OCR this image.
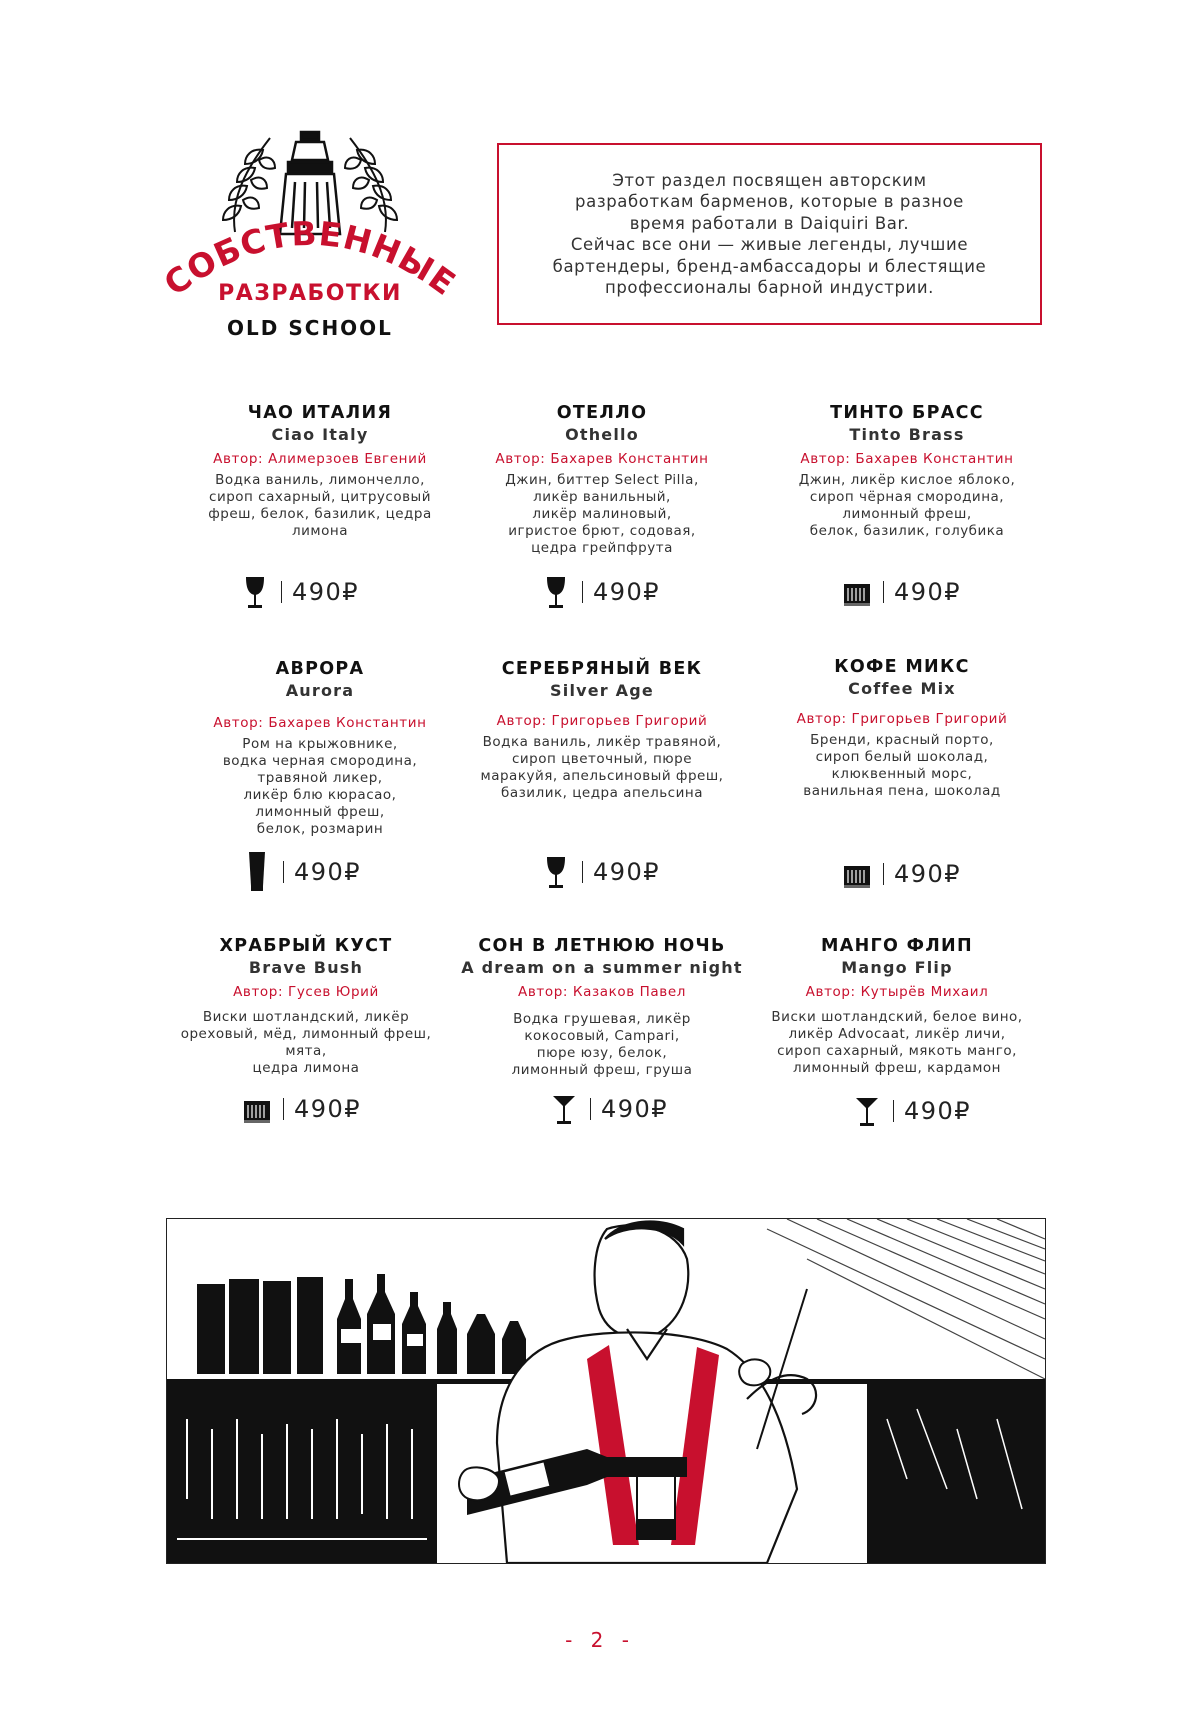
СОБСТВЕННЫЕ
РАЗРАБОТКИ
OLD SCHOOL
Этот раздел посвящен авторским
разработкам барменов, которые в разное
время работали в Daiquiri Bar.
Сейчас все они — живые легенды, лучшие
бартендеры, бренд-амбассадоры и блестящие
профессионалы барной индустрии.
ЧАО ИТАЛИЯ
Ciao Italy
Автор: Алимерзоев Евгений
Водка ваниль, лимончелло,
сироп сахарный, цитрусовый
фреш, белок, базилик, цедра
лимона
490₽
ОТЕЛЛО
Othello
Автор: Бахарев Константин
Джин, биттер Select Pilla,
ликёр ванильный,
ликёр малиновый,
игристое брют, содовая,
цедра грейпфрута
490₽
ТИНТО БРАСС
Tinto Brass
Автор: Бахарев Константин
Джин, ликёр кислое яблоко,
сироп чёрная смородина,
лимонный фреш,
белок, базилик, голубика
490₽
АВРОРА
Aurora
Автор: Бахарев Константин
Ром на крыжовнике,
водка черная смородина,
травяной ликер,
ликёр блю кюрасао,
лимонный фреш,
белок, розмарин
490₽
СЕРЕБРЯНЫЙ ВЕК
Silver Age
Автор: Григорьев Григорий
Водка ваниль, ликёр травяной,
сироп цветочный, пюре
маракуйя, апельсиновый фреш,
базилик, цедра апельсина
490₽
КОФЕ МИКС
Coffee Mix
Автор: Григорьев Григорий
Бренди, красный порто,
сироп белый шоколад,
клюквенный морс,
ванильная пена, шоколад
490₽
ХРАБРЫЙ КУСТ
Brave Bush
Автор: Гусев Юрий
Виски шотландский, ликёр
ореховый, мёд, лимонный фреш,
мята,
цедра лимона
490₽
СОН В ЛЕТНЮЮ НОЧЬ
A dream on a summer night
Автор: Казаков Павел
Водка грушевая, ликёр
кокосовый, Campari,
пюре юзу, белок,
лимонный фреш, груша
490₽
МАНГО ФЛИП
Mango Flip
Автор: Кутырёв Михаил
Виски шотландский, белое вино,
ликёр Advocaat, ликёр личи,
сироп сахарный, мякоть манго,
лимонный фреш, кардамон
490₽
- 2 -
